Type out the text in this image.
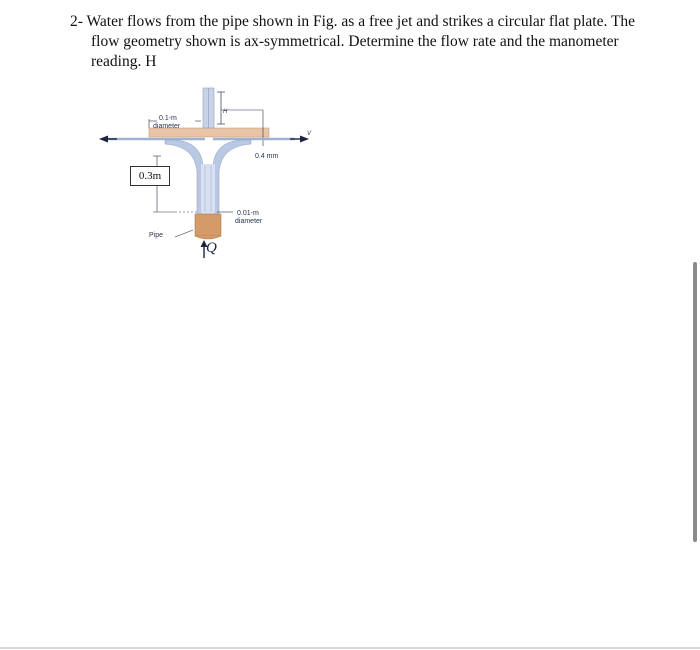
2- Water flows from the pipe shown in Fig. as a free jet and strikes a circular flat plate. The
flow geometry shown is ax-symmetrical. Determine the flow rate and the manometer
reading. H
0.1-m
diameter
0.4 mm
H
V
0.01-m
diameter
Pipe
0.3m
Q
